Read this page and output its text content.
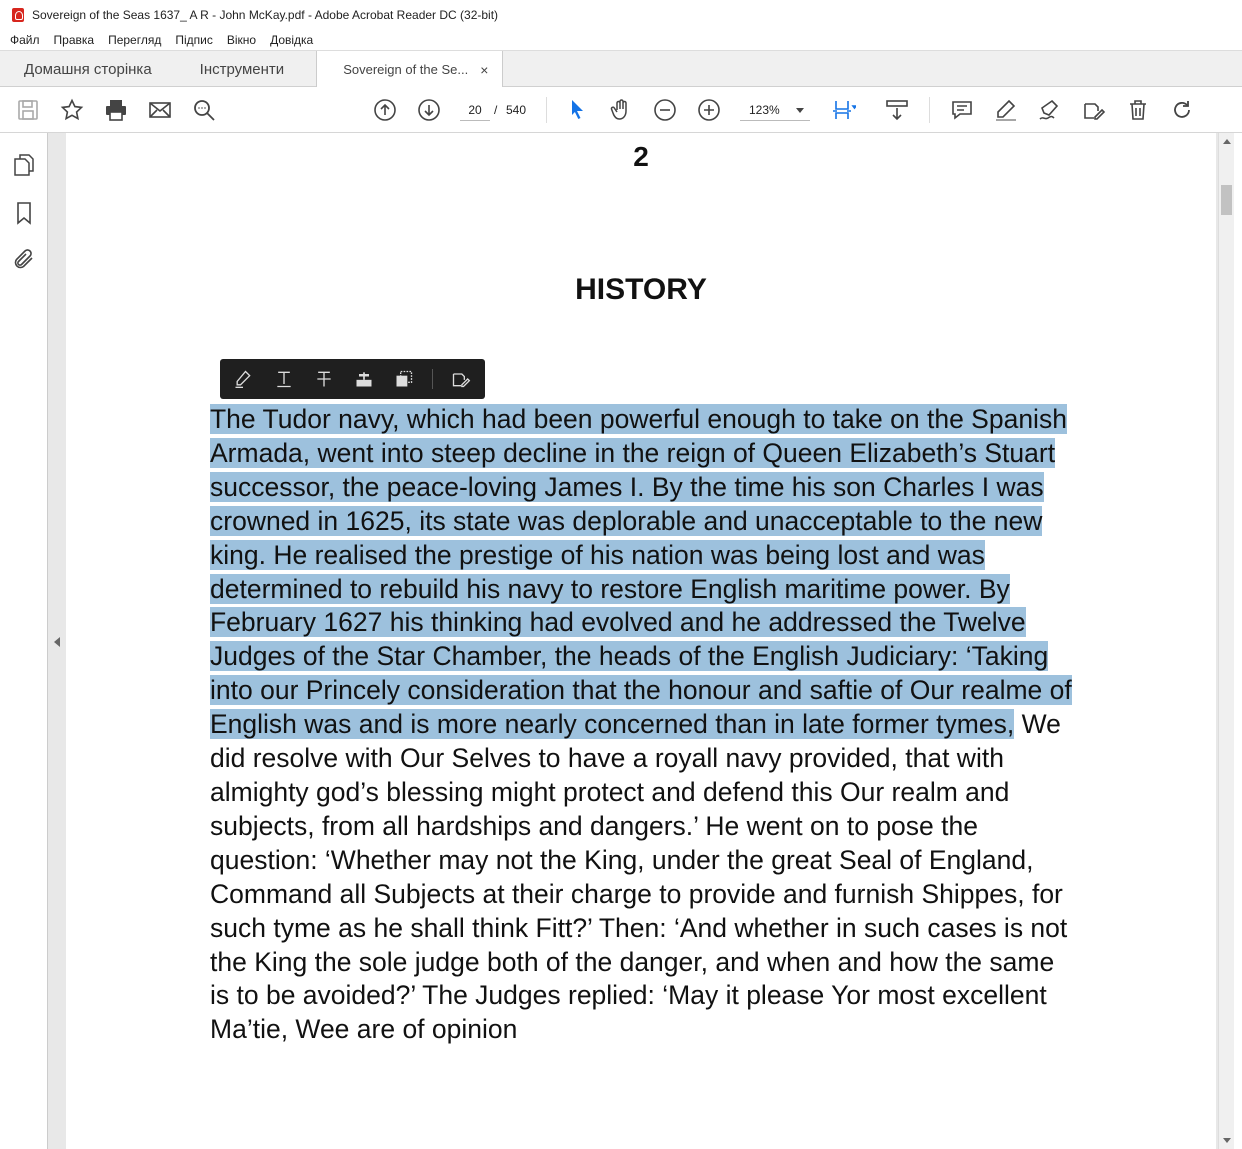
Sovereign of the Seas 1637_ A R - John McKay.pdf - Adobe Acrobat Reader DC (32-bit)
Файл Правка Перегляд Підпис Вікно Довідка
Домашня сторінка	Інструменти	Sovereign of the Se... ×
20	/ 540	123%
2
HISTORY
The Tudor navy, which had been powerful enough to take on the Spanish Armada, went into steep decline in the reign of Queen Elizabeth’s Stuart successor, the peace-loving James I. By the time his son Charles I was crowned in 1625, its state was deplorable and unacceptable to the new king. He realised the prestige of his nation was being lost and was determined to rebuild his navy to restore English maritime power. By February 1627 his thinking had evolved and he addressed the Twelve Judges of the Star Chamber, the heads of the English Judiciary: ‘Taking into our Princely consideration that the honour and saftie of Our realme of English was and is more nearly concerned than in late former tymes, We did resolve with Our Selves to have a royall navy provided, that with almighty god’s blessing might protect and defend this Our realm and subjects, from all hardships and dangers.’ He went on to pose the question: ‘Whether may not the King, under the great Seal of England, Command all Subjects at their charge to provide and furnish Shippes, for such tyme as he shall think Fitt?’ Then: ‘And whether in such cases is not the King the sole judge both of the danger, and when and how the same is to be avoided?’ The Judges replied: ‘May it please Yor most excellent Ma’tie, Wee are of opinion
